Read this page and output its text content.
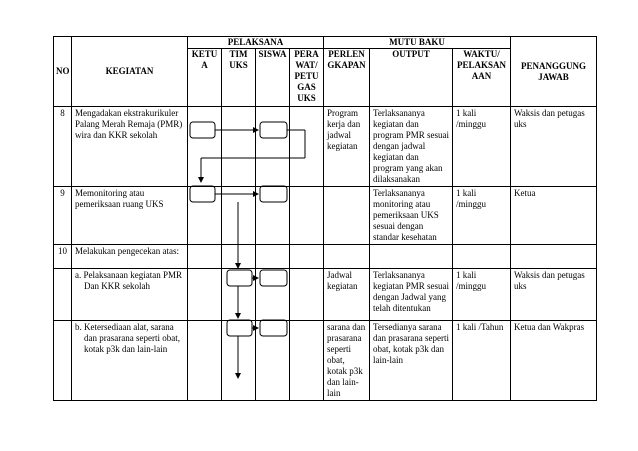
NO	KEGIATAN	PELAKSANA				MUTU BAKU			PENANGGUNG JAWAB
		KETU A	TIM UKS	SISWA	PERA WAT/ PETU GAS UKS	PERLEN GKAPAN	OUTPUT	WAKTU/ PELAKSAN AAN	
8	Mengadakan ekstrakurikuler Palang Merah Remaja (PMR) wira dan KKR sekolah					Program kerja dan jadwal kegiatan	Terlaksananya kegiatan dan program PMR sesuai dengan jadwal kegiatan dan program yang akan dilaksanakan	1 kali /minggu	Waksis dan petugas uks
9	Memonitoring atau pemeriksaan ruang UKS						Terlaksananya monitoring atau pemeriksaan UKS sesuai dengan standar kesehatan	1 kali /minggu	Ketua
10	Melakukan pengecekan atas:								

	a. Pelaksanaan kegiatan PMR Dan KKR sekolah					Jadwal kegiatan	Terlaksananya kegiatan PMR sesuai dengan Jadwal yang telah ditentukan	1 kali /minggu	Waksis dan petugas uks

	b. Ketersediaan alat, sarana dan prasarana seperti obat, kotak p3k dan lain-lain					sarana dan prasarana seperti obat, kotak p3k dan lain-lain	Tersedianya sarana dan prasarana seperti obat, kotak p3k dan lain-lain	1 kali /Tahun	Ketua dan Wakpras
